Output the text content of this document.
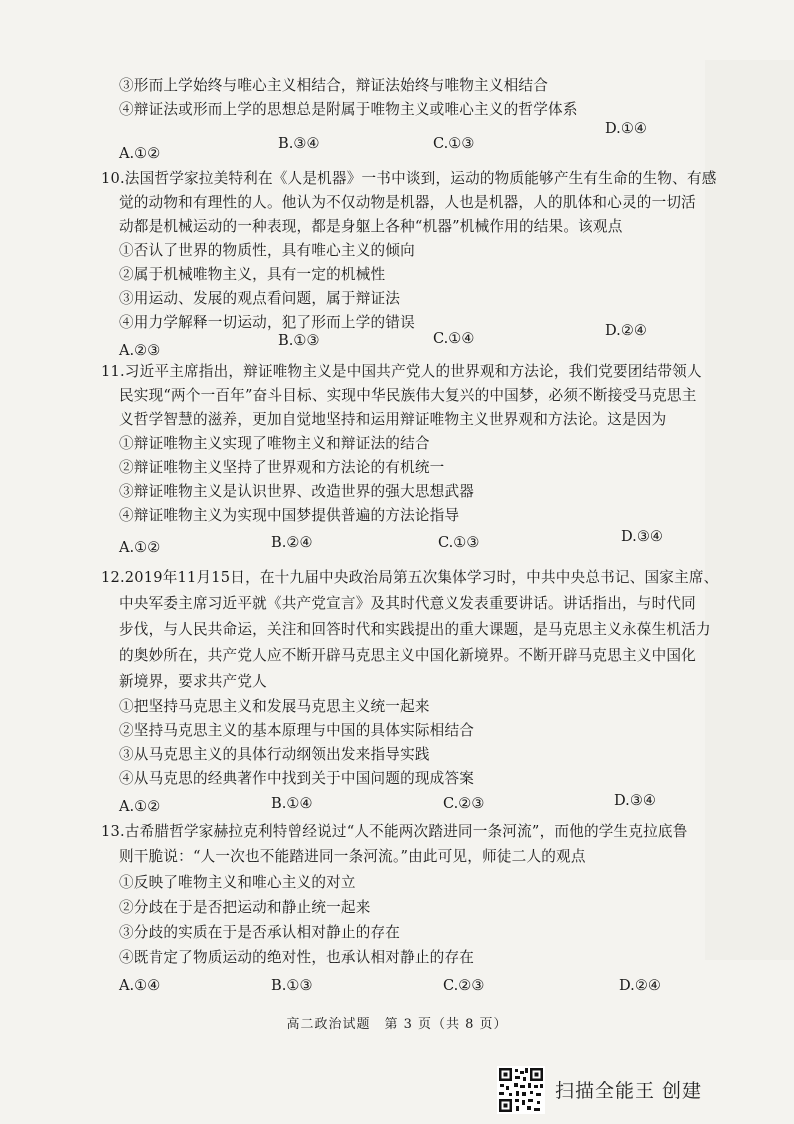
③形而上学始终与唯心主义相结合，辩证法始终与唯物主义相结合
④辩证法或形而上学的思想总是附属于唯物主义或唯心主义的哲学体系
A.①②
B.③④	C.①③
D.①④
10.法国哲学家拉美特利在《人是机器》一书中谈到，运动的物质能够产生有生命的生物、有感
觉的动物和有理性的人。他认为不仅动物是机器，人也是机器，人的肌体和心灵的一切活
动都是机械运动的一种表现，都是身躯上各种“机器”机械作用的结果。该观点
①否认了世界的物质性，具有唯心主义的倾向
②属于机械唯物主义，具有一定的机械性
③用运动、发展的观点看问题，属于辩证法
④用力学解释一切运动，犯了形而上学的错误
A.②③
B.①③	C.①④	D.②④
11.习近平主席指出，辩证唯物主义是中国共产党人的世界观和方法论，我们党要团结带领人
民实现“两个一百年”奋斗目标、实现中华民族伟大复兴的中国梦，必须不断接受马克思主
义哲学智慧的滋养，更加自觉地坚持和运用辩证唯物主义世界观和方法论。这是因为
①辩证唯物主义实现了唯物主义和辩证法的结合
②辩证唯物主义坚持了世界观和方法论的有机统一
③辩证唯物主义是认识世界、改造世界的强大思想武器
④辩证唯物主义为实现中国梦提供普遍的方法论指导
A.①②	B.②④	C.①③	D.③④
12.2019年11月15日，在十九届中央政治局第五次集体学习时，中共中央总书记、国家主席、
中央军委主席习近平就《共产党宣言》及其时代意义发表重要讲话。讲话指出，与时代同
步伐，与人民共命运，关注和回答时代和实践提出的重大课题，是马克思主义永葆生机活力
的奥妙所在，共产党人应不断开辟马克思主义中国化新境界。不断开辟马克思主义中国化
新境界，要求共产党人
①把坚持马克思主义和发展马克思主义统一起来
②坚持马克思主义的基本原理与中国的具体实际相结合
③从马克思主义的具体行动纲领出发来指导实践
④从马克思的经典著作中找到关于中国问题的现成答案
A.①②	B.①④	C.②③	D.③④
13.古希腊哲学家赫拉克利特曾经说过“人不能两次踏进同一条河流”，而他的学生克拉底鲁
则干脆说：“人一次也不能踏进同一条河流。”由此可见，师徒二人的观点
①反映了唯物主义和唯心主义的对立
②分歧在于是否把运动和静止统一起来
③分歧的实质在于是否承认相对静止的存在
④既肯定了物质运动的绝对性，也承认相对静止的存在
A.①④	B.①③	C.②③	D.②④
高二政治试题　第 3 页（共 8 页）
扫描全能王 创建
